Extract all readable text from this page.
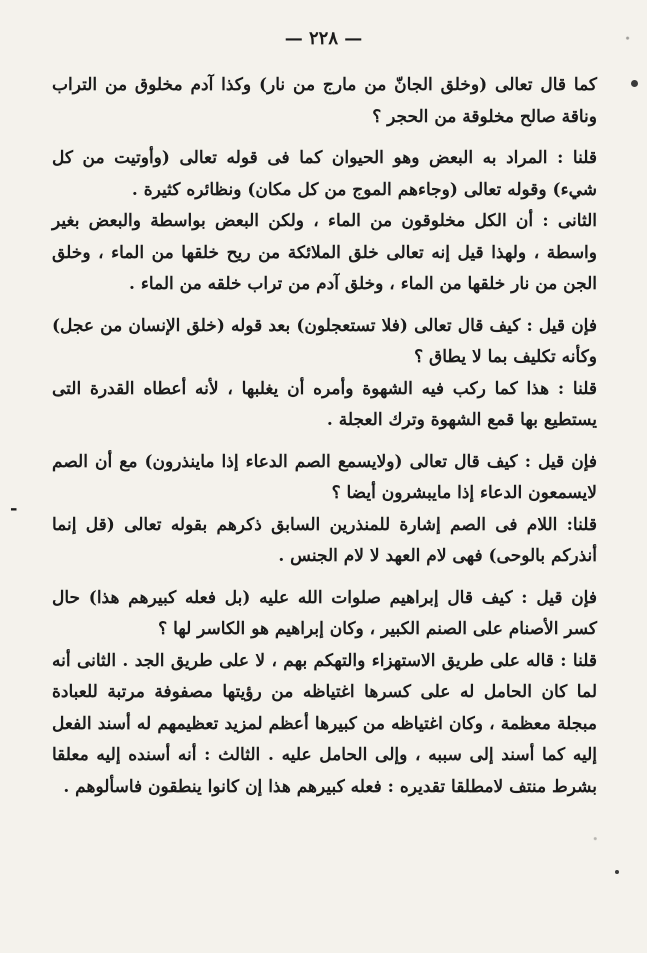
— ٢٢٨ —

كما قال تعالى (وخلق الجانّ من مارج من نار) وكذا آدم مخلوق من التراب وناقة صالح مخلوقة من الحجر ؟

قلنا : المراد به البعض وهو الحيوان كما فى قوله تعالى (وأوتيت من كل شيء) وقوله تعالى (وجاءهم الموج من كل مكان) ونظائره كثيرة .

الثانى : أن الكل مخلوقون من الماء ، ولكن البعض بواسطة والبعض بغير واسطة ، ولهذا قيل إنه تعالى خلق الملائكة من ريح خلقها من الماء ، وخلق الجن من نار خلقها من الماء ، وخلق آدم من تراب خلقه من الماء .

فإن قيل : كيف قال تعالى (فلا تستعجلون) بعد قوله (خلق الإنسان من عجل) وكأنه تكليف بما لا يطاق ؟

قلنا : هذا كما ركب فيه الشهوة وأمره أن يغلبها ، لأنه أعطاه القدرة التى يستطيع بها قمع الشهوة وترك العجلة .

فإن قيل : كيف قال تعالى (ولايسمع الصم الدعاء إذا ماينذرون) مع أن الصم لايسمعون الدعاء إذا مايبشرون أيضا ؟

قلنا: اللام فى الصم إشارة للمنذرين السابق ذكرهم بقوله تعالى (قل إنما أنذركم بالوحى) فهى لام العهد لا لام الجنس .

فإن قيل : كيف قال إبراهيم صلوات الله عليه (بل فعله كبيرهم هذا) حال كسر الأصنام على الصنم الكبير ، وكان إبراهيم هو الكاسر لها ؟

قلنا : قاله على طريق الاستهزاء والتهكم بهم ، لا على طريق الجد . الثانى أنه لما كان الحامل له على كسرها اغتياظه من رؤيتها مصفوفة مرتبة للعبادة مبجلة معظمة ، وكان اغتياظه من كبيرها أعظم لمزيد تعظيمهم له أسند الفعل إليه كما أسند إلى سببه ، وإلى الحامل عليه . الثالث : أنه أسنده إليه معلقا بشرط منتف لامطلقا تقديره : فعله كبيرهم هذا إن كانوا ينطقون فاسألوهم .

-
